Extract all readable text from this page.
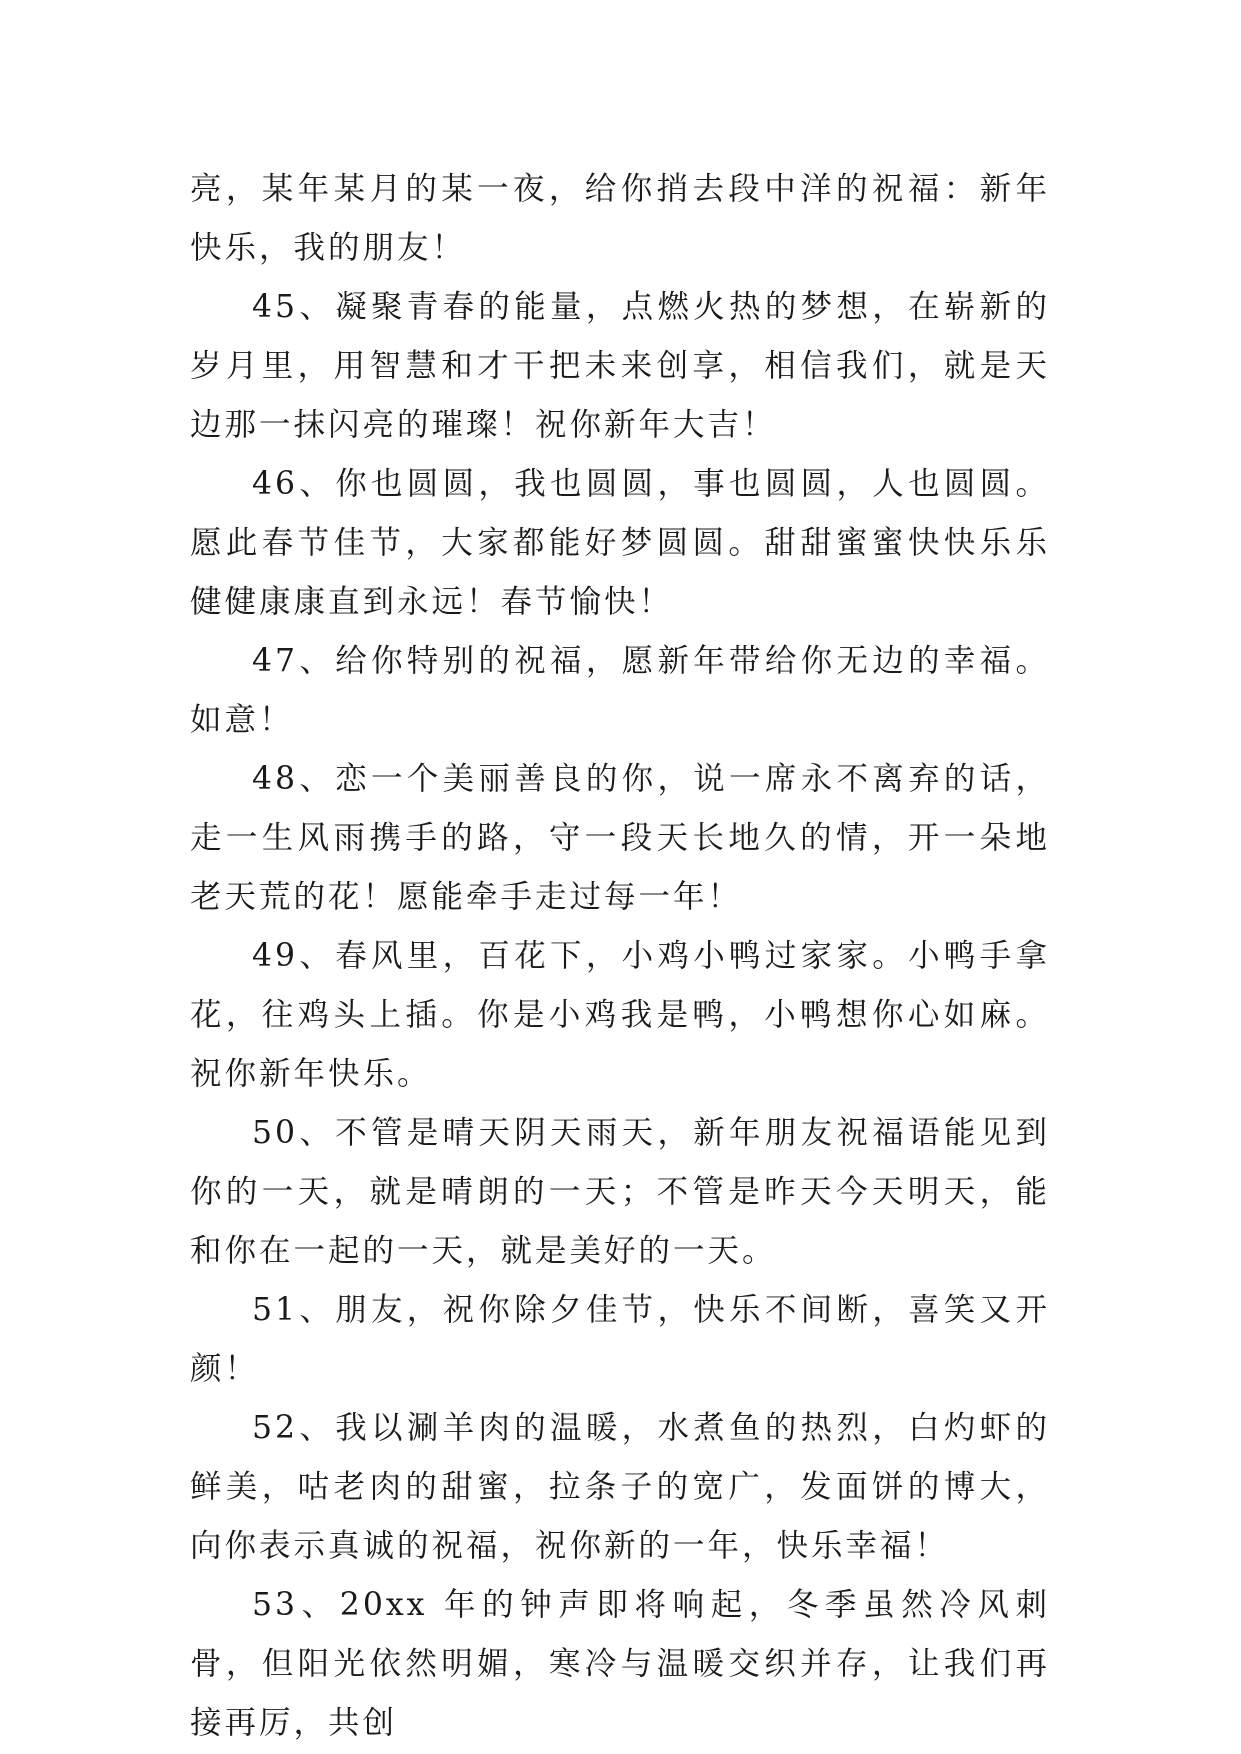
亮，某年某月的某一夜，给你捎去段中洋的祝福：新年快乐，我的朋友！

45、凝聚青春的能量，点燃火热的梦想，在崭新的岁月里，用智慧和才干把未来创享，相信我们，就是天边那一抹闪亮的璀璨！祝你新年大吉！

46、你也圆圆，我也圆圆，事也圆圆，人也圆圆。愿此春节佳节，大家都能好梦圆圆。甜甜蜜蜜快快乐乐健健康康直到永远！春节愉快！

47、给你特别的祝福，愿新年带给你无边的幸福。如意！

48、恋一个美丽善良的你，说一席永不离弃的话，走一生风雨携手的路，守一段天长地久的情，开一朵地老天荒的花！愿能牵手走过每一年！

49、春风里，百花下，小鸡小鸭过家家。小鸭手拿花，往鸡头上插。你是小鸡我是鸭，小鸭想你心如麻。祝你新年快乐。

50、不管是晴天阴天雨天，新年朋友祝福语能见到你的一天，就是晴朗的一天；不管是昨天今天明天，能和你在一起的一天，就是美好的一天。

51、朋友，祝你除夕佳节，快乐不间断，喜笑又开颜！

52、我以涮羊肉的温暖，水煮鱼的热烈，白灼虾的鲜美，咕老肉的甜蜜，拉条子的宽广，发面饼的博大，向你表示真诚的祝福，祝你新的一年，快乐幸福！

53、20xx 年的钟声即将响起，冬季虽然冷风刺骨，但阳光依然明媚，寒冷与温暖交织并存，让我们再接再厉，共创
